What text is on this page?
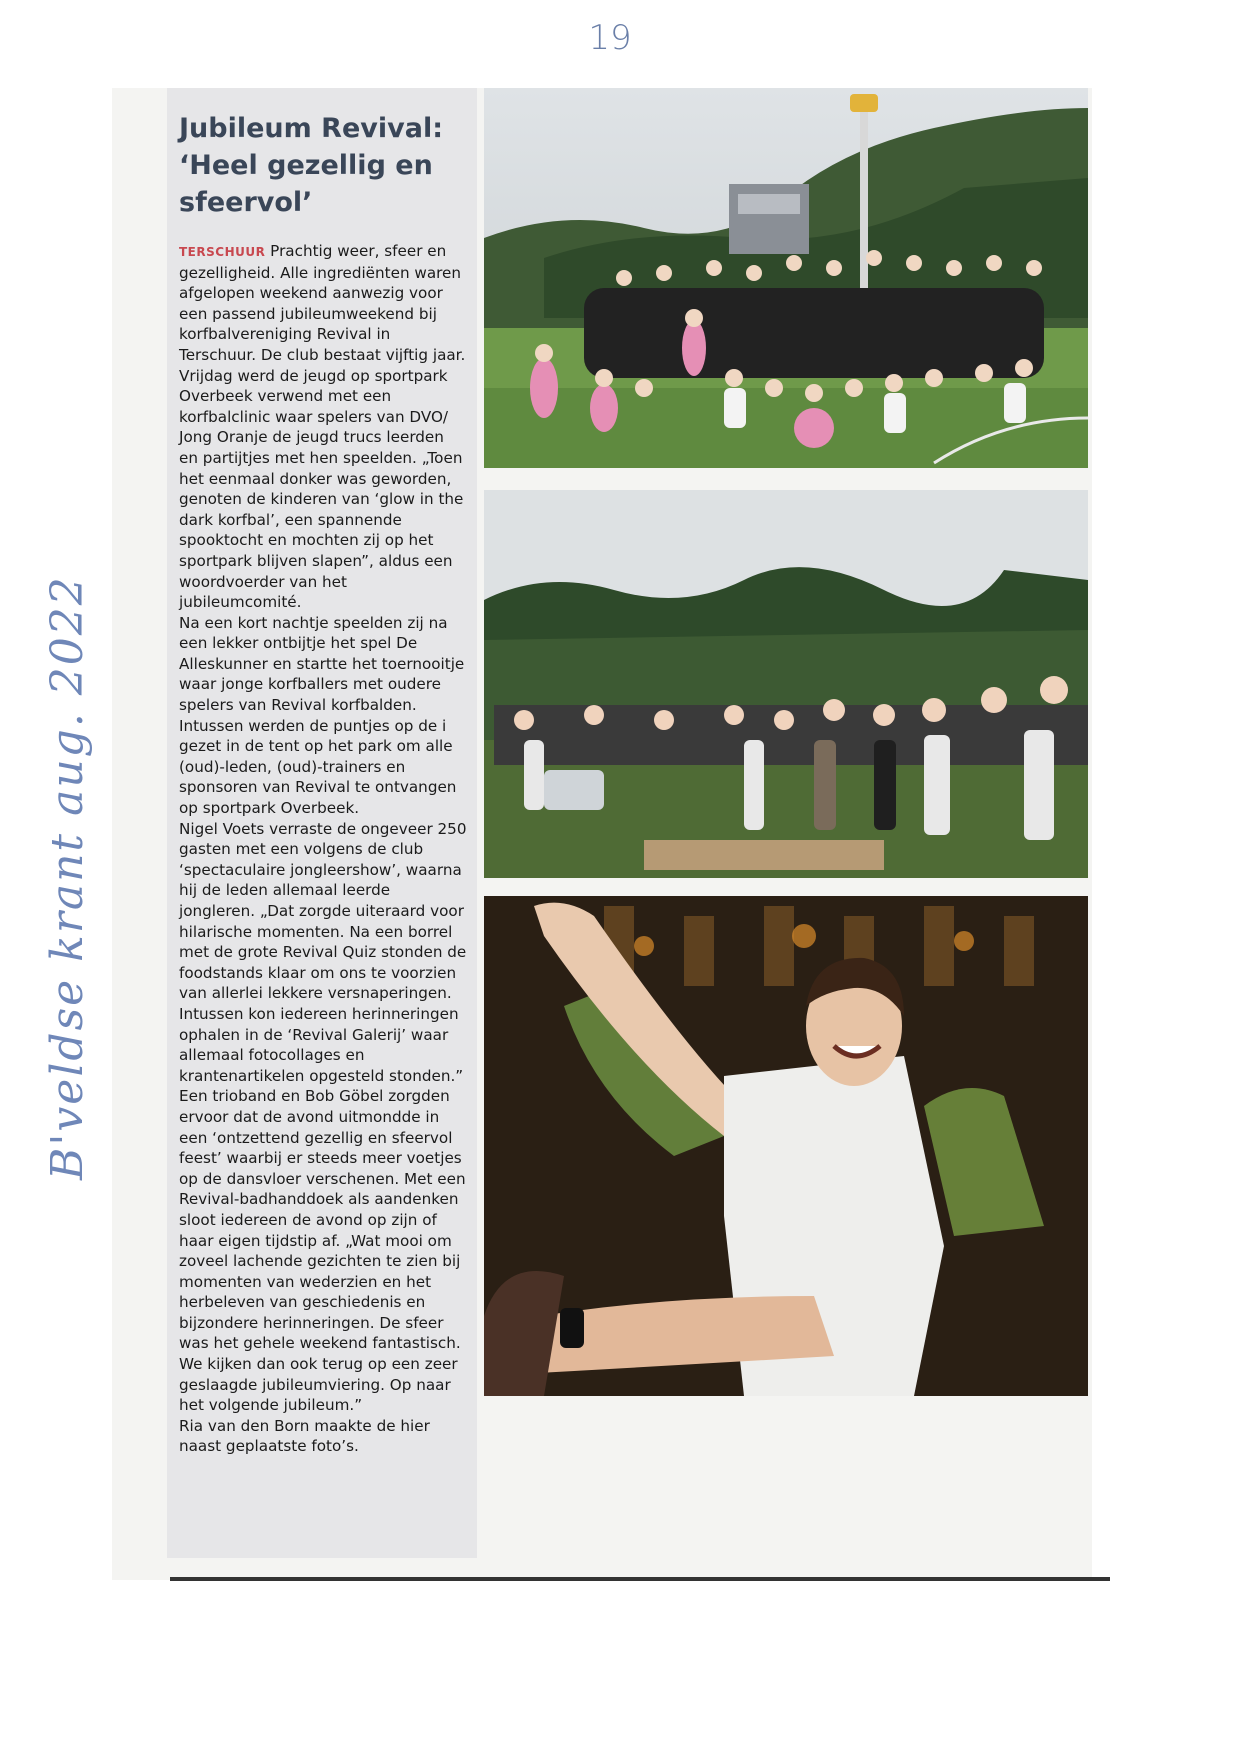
19
B'veldse krant aug. 2022
Jubileum Revival:
‘Heel gezellig en
sfeervol’

TERSCHUUR Prachtig weer, sfeer en gezelligheid. Alle ingrediënten waren afgelopen weekend aanwezig voor een passend jubileumweekend bij korfbalvereniging Revival in Terschuur. De club bestaat vijftig jaar.

Vrijdag werd de jeugd op sportpark Overbeek verwend met een korfbalclinic waar spelers van DVO/ Jong Oranje de jeugd trucs leerden en partijtjes met hen speelden. „Toen het eenmaal donker was geworden, genoten de kinderen van ‘glow in the dark korfbal’, een spannende spooktocht en mochten zij op het sportpark blijven slapen”, aldus een woordvoerder van het jubileumcomité.

Na een kort nachtje speelden zij na een lekker ontbijtje het spel De Alleskunner en startte het toernooitje waar jonge korfballers met oudere spelers van Revival korfbalden. Intussen werden de puntjes op de i gezet in de tent op het park om alle (oud)-leden, (oud)-trainers en sponsoren van Revival te ontvangen op sportpark Overbeek.

Nigel Voets verraste de ongeveer 250 gasten met een volgens de club ‘spectaculaire jongleershow’, waarna hij de leden allemaal leerde jongleren. „Dat zorgde uiteraard voor hilarische momenten. Na een borrel met de grote Revival Quiz stonden de foodstands klaar om ons te voorzien van allerlei lekkere versnaperingen. Intussen kon iedereen herinneringen ophalen in de ‘Revival Galerij’ waar allemaal fotocollages en krantenartikelen opgesteld stonden.”

Een trioband en Bob Göbel zorgden ervoor dat de avond uitmondde in een ‘ontzettend gezellig en sfeervol feest’ waarbij er steeds meer voetjes op de dansvloer verschenen. Met een Revival-badhanddoek als aandenken sloot iedereen de avond op zijn of haar eigen tijdstip af. „Wat mooi om zoveel lachende gezichten te zien bij momenten van wederzien en het herbeleven van geschiedenis en bijzondere herinneringen. De sfeer was het gehele weekend fantastisch. We kijken dan ook terug op een zeer geslaagde jubileumviering. Op naar het volgende jubileum.”

Ria van den Born maakte de hier naast geplaatste foto’s.
